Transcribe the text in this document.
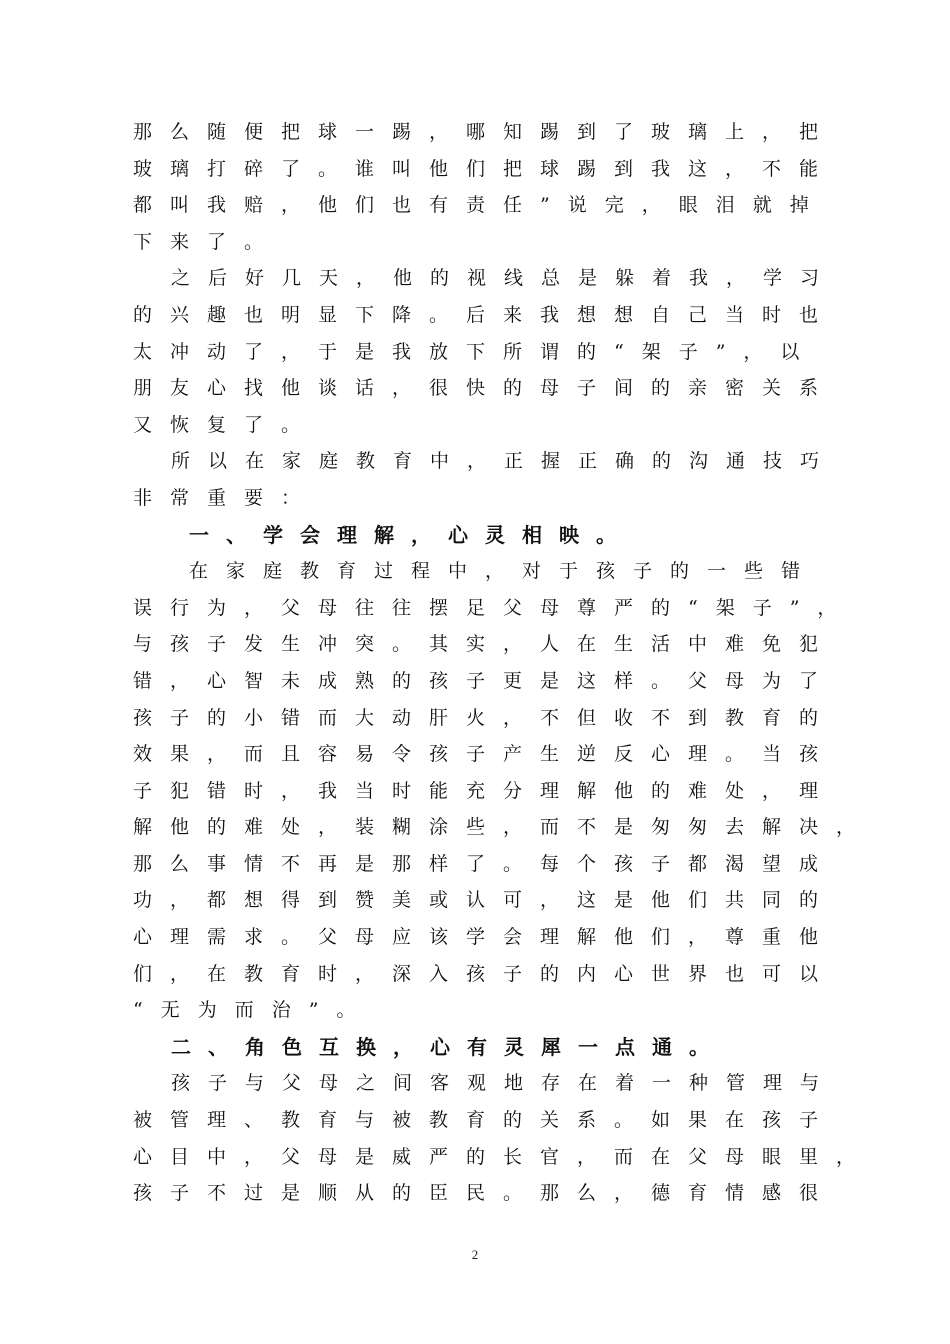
那么随便把球一踢，哪知踢到了玻璃上，把
玻璃打碎了。谁叫他们把球踢到我这，不能
都叫我赔，他们也有责任”说完，眼泪就掉
下来了。
之后好几天，他的视线总是躲着我，学习
的兴趣也明显下降。后来我想想自己当时也
太冲动了，于是我放下所谓的“架子”，以
朋友心找他谈话，很快的母子间的亲密关系
又恢复了。
所以在家庭教育中，正握正确的沟通技巧
非常重要：
一、学会理解，心灵相映。
在家庭教育过程中，对于孩子的一些错
误行为，父母往往摆足父母尊严的“架子”，
与孩子发生冲突。其实，人在生活中难免犯
错，心智未成熟的孩子更是这样。父母为了
孩子的小错而大动肝火，不但收不到教育的
效果，而且容易令孩子产生逆反心理。当孩
子犯错时，我当时能充分理解他的难处，理
解他的难处，装糊涂些，而不是匆匆去解决，
那么事情不再是那样了。每个孩子都渴望成
功，都想得到赞美或认可，这是他们共同的
心理需求。父母应该学会理解他们，尊重他
们，在教育时，深入孩子的内心世界也可以
“无为而治”。
二、角色互换，心有灵犀一点通。
孩子与父母之间客观地存在着一种管理与
被管理、教育与被教育的关系。如果在孩子
心目中，父母是威严的长官，而在父母眼里，
孩子不过是顺从的臣民。那么，德育情感很
2
